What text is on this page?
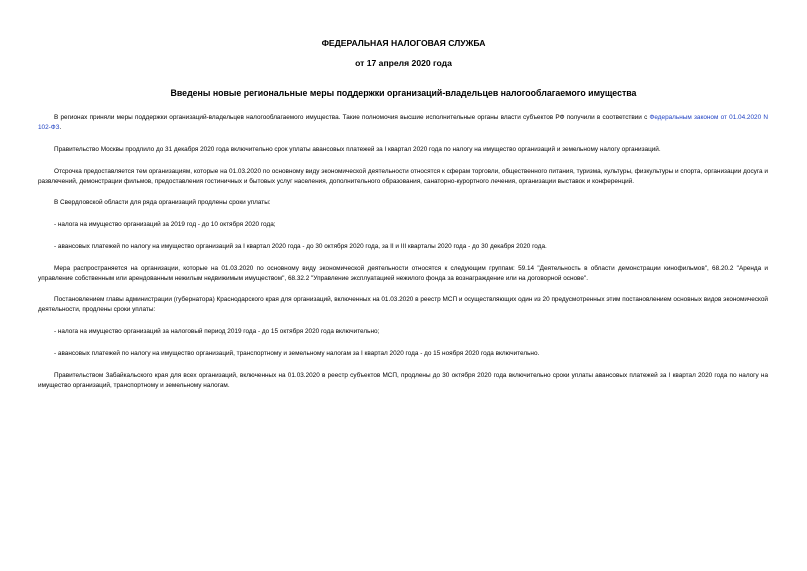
ФЕДЕРАЛЬНАЯ НАЛОГОВАЯ СЛУЖБА
от 17 апреля 2020 года
Введены новые региональные меры поддержки организаций-владельцев налогооблагаемого имущества

В регионах приняли меры поддержки организаций-владельцев налогооблагаемого имущества. Такие полномочия высшие исполнительные органы власти субъектов РФ получили в соответствии с Федеральным законом от 01.04.2020 N 102-ФЗ.

Правительство Москвы продлило до 31 декабря 2020 года включительно срок уплаты авансовых платежей за I квартал 2020 года по налогу на имущество организаций и земельному налогу организаций.

Отсрочка предоставляется тем организациям, которые на 01.03.2020 по основному виду экономической деятельности относятся к сферам торговли, общественного питания, туризма, культуры, физкультуры и спорта, организации досуга и развлечений, демонстрации фильмов, предоставления гостиничных и бытовых услуг населения, дополнительного образования, санаторно-курортного лечения, организации выставок и конференций.

В Свердловской области для ряда организаций продлены сроки уплаты:

- налога на имущество организаций за 2019 год - до 10 октября 2020 года;

- авансовых платежей по налогу на имущество организаций за I квартал 2020 года - до 30 октября 2020 года, за II и III кварталы 2020 года - до 30 декабря 2020 года.

Мера распространяется на организации, которые на 01.03.2020 по основному виду экономической деятельности относятся к следующим группам: 59.14 "Деятельность в области демонстрации кинофильмов", 68.20.2 "Аренда и управление собственным или арендованным нежилым недвижимым имуществом", 68.32.2 "Управление эксплуатацией нежилого фонда за вознаграждение или на договорной основе".

Постановлением главы администрации (губернатора) Краснодарского края для организаций, включенных на 01.03.2020 в реестр МСП и осуществляющих один из 20 предусмотренных этим постановлением основных видов экономической деятельности, продлены сроки уплаты:

- налога на имущество организаций за налоговый период 2019 года - до 15 октября 2020 года включительно;

- авансовых платежей по налогу на имущество организаций, транспортному и земельному налогам за I квартал 2020 года - до 15 ноября 2020 года включительно.

Правительством Забайкальского края для всех организаций, включенных на 01.03.2020 в реестр субъектов МСП, продлены до 30 октября 2020 года включительно сроки уплаты авансовых платежей за I квартал 2020 года по налогу на имущество организаций, транспортному и земельному налогам.
